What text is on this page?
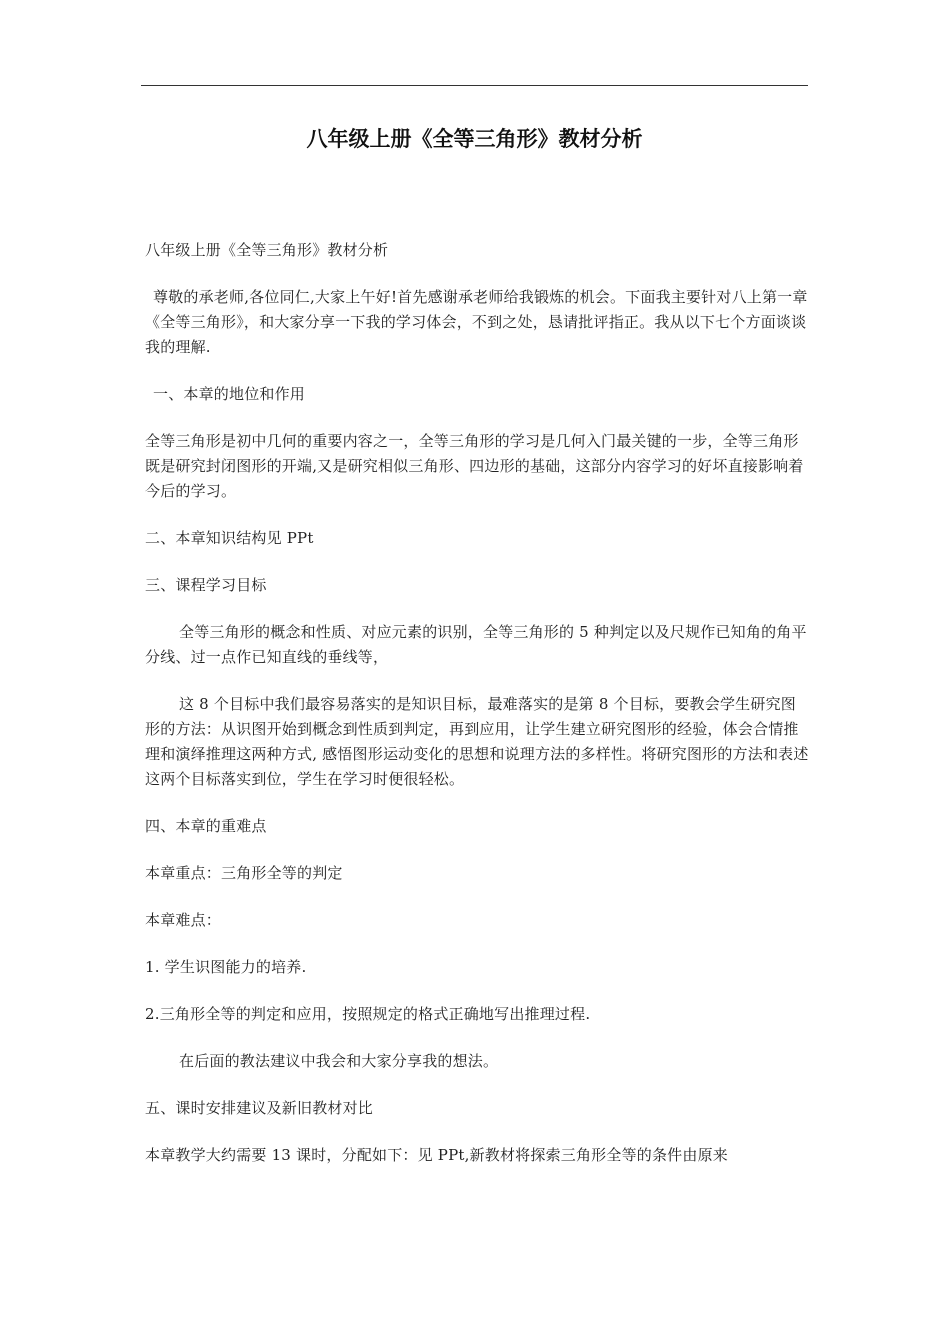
八年级上册《全等三角形》教材分析

八年级上册《全等三角形》教材分析

尊敬的承老师,各位同仁,大家上午好!首先感谢承老师给我锻炼的机会。下面我主要针对八上第一章《全等三角形》，和大家分享一下我的学习体会，不到之处，恳请批评指正。我从以下七个方面谈谈我的理解.

一、本章的地位和作用

全等三角形是初中几何的重要内容之一，全等三角形的学习是几何入门最关键的一步，全等三角形既是研究封闭图形的开端,又是研究相似三角形、四边形的基础，这部分内容学习的好坏直接影响着今后的学习。

二、本章知识结构见 PPt

三、课程学习目标

全等三角形的概念和性质、对应元素的识别，全等三角形的 5 种判定以及尺规作已知角的角平分线、过一点作已知直线的垂线等，

这 8 个目标中我们最容易落实的是知识目标，最难落实的是第 8 个目标，要教会学生研究图形的方法：从识图开始到概念到性质到判定，再到应用，让学生建立研究图形的经验，体会合情推理和演绎推理这两种方式, 感悟图形运动变化的思想和说理方法的多样性。将研究图形的方法和表述这两个目标落实到位，学生在学习时便很轻松。

四、本章的重难点

本章重点：三角形全等的判定

本章难点：

1. 学生识图能力的培养.

2.三角形全等的判定和应用，按照规定的格式正确地写出推理过程.

在后面的教法建议中我会和大家分享我的想法。

五、课时安排建议及新旧教材对比

本章教学大约需要 13 课时，分配如下：见 PPt,新教材将探索三角形全等的条件由原来
